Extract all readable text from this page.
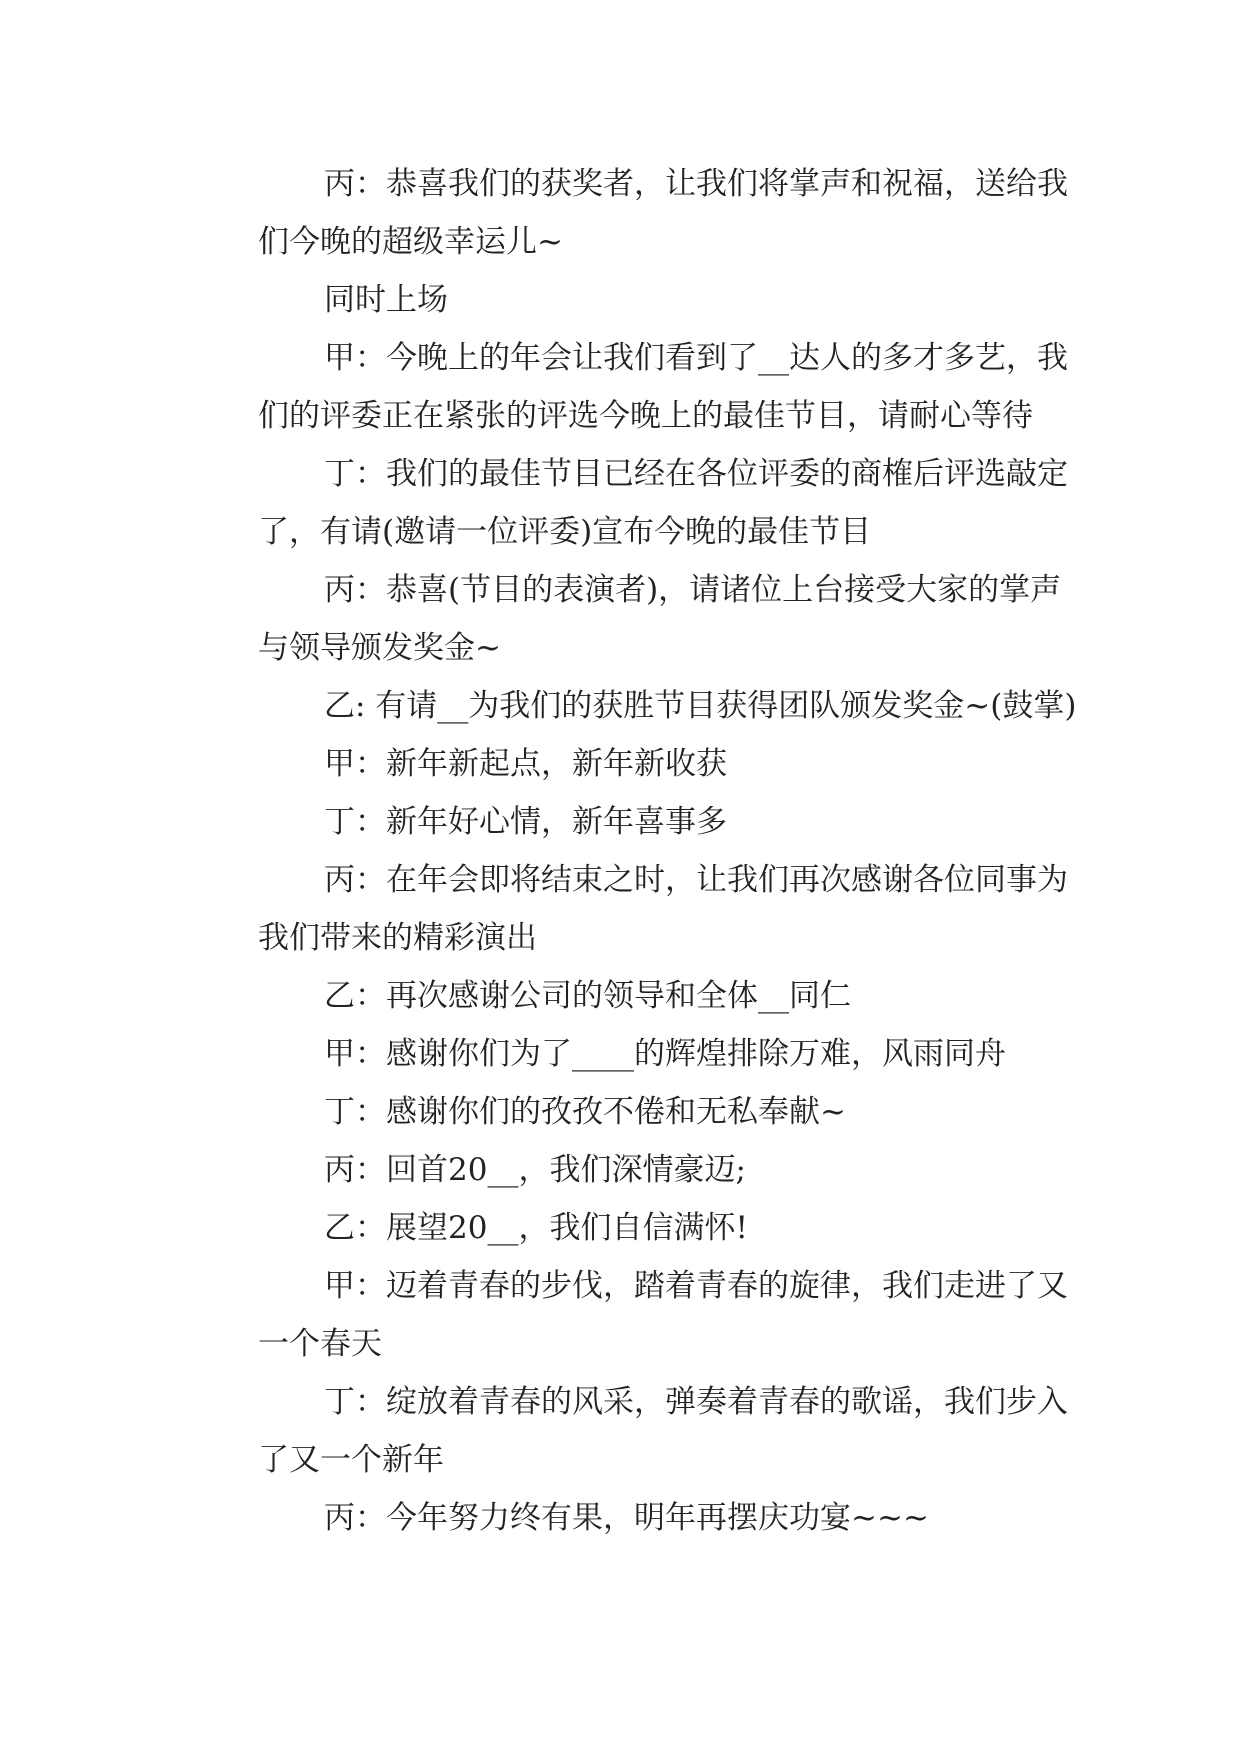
丙：恭喜我们的获奖者，让我们将掌声和祝福，送给我
们今晚的超级幸运儿~
同时上场
甲：今晚上的年会让我们看到了__达人的多才多艺，我
们的评委正在紧张的评选今晚上的最佳节目，请耐心等待
丁：我们的最佳节目已经在各位评委的商榷后评选敲定
了，有请(邀请一位评委)宣布今晚的最佳节目
丙：恭喜(节目的表演者)，请诸位上台接受大家的掌声
与领导颁发奖金~
乙: 有请__为我们的获胜节目获得团队颁发奖金~(鼓掌)
甲：新年新起点，新年新收获
丁：新年好心情，新年喜事多
丙：在年会即将结束之时，让我们再次感谢各位同事为
我们带来的精彩演出
乙：再次感谢公司的领导和全体__同仁
甲：感谢你们为了____的辉煌排除万难，风雨同舟
丁：感谢你们的孜孜不倦和无私奉献~
丙：回首20__，我们深情豪迈;
乙：展望20__，我们自信满怀!
甲：迈着青春的步伐，踏着青春的旋律，我们走进了又
一个春天
丁：绽放着青春的风采，弹奏着青春的歌谣，我们步入
了又一个新年
丙：今年努力终有果，明年再摆庆功宴~~~
